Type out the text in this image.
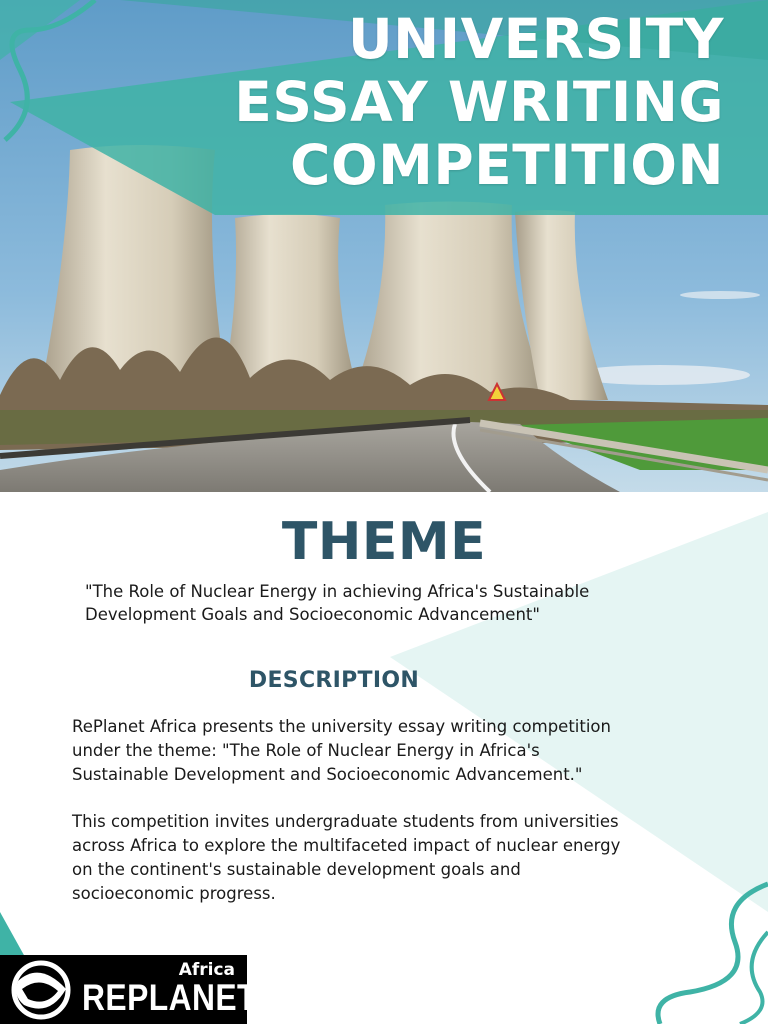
UNIVERSITY
ESSAY WRITING
COMPETITION
THEME
"The Role of Nuclear Energy in achieving Africa's Sustainable
Development Goals and Socioeconomic Advancement"
DESCRIPTION
RePlanet Africa presents the university essay writing competition
under the theme: "The Role of Nuclear Energy in Africa's
Sustainable Development and Socioeconomic Advancement."
This competition invites undergraduate students from universities
across Africa to explore the multifaceted impact of nuclear energy
on the continent's sustainable development goals and
socioeconomic progress.
Africa
REPLANET
